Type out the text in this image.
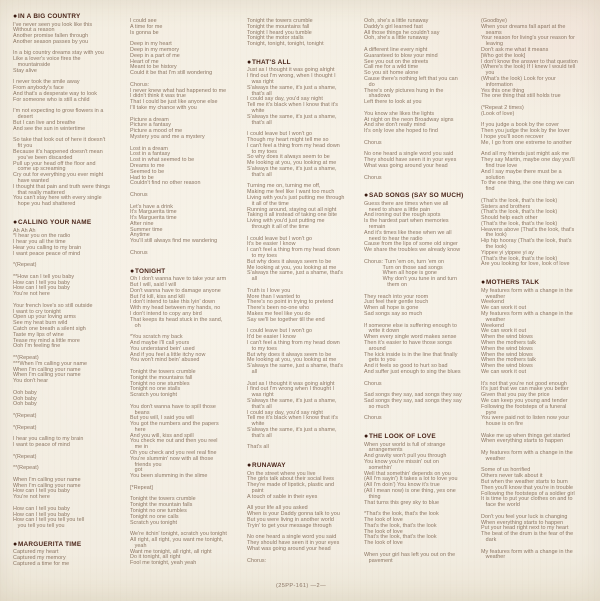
●IN A BIG COUNTRY
I've never seen you look like this
Without a reason
Another promise fallen through
Another season passes by you
In a big country dreams stay with you
Like a lover's voice fires the
mountainside
Stay alive
I never took the smile away
From anybody's face
And that's a desperate way to look
For someone who is still a child
I'm not expecting to grow flowers in a
desert
But I can live and breathe
And see the sun in wintertime
So take that look out of here it doesn't
fit you
Because it's happened doesn't mean
you've been discarded
Pull up your head off the floor and
come up screaming
Cry out for everything you ever might
have wanted
I thought that pain and truth were things
that really mattered
You can't stay here with every single
hope you had shattered
●CALLING YOUR NAME
Ah Ah Ah
*I hear you on the radio
I hear you all the time
Hear you calling to my brain
I want peace peace of mind
*(Repeat)
**How can I tell you baby
How can I tell you baby
How can I tell you baby
You're not here
Your french love's so still outside
I want to cry tonight
Open up your loving arms
See my heat burn wild
Catch one breath a silent sigh
Taste my lips of wine
Tease my mind a little more
Ooh I'm feeling fine
**(Repeat)
***When I'm calling your name
When I'm calling your name
When I'm calling your name
You don't hear
Ooh baby
Ooh baby
Ooh baby
*(Repeat)
*(Repeat)
I hear you calling to my brain
I want to peace of mind
*(Repeat)
**(Repeat)
When I'm calling your name
When I'm calling your name
How can I tell you baby
You're not here
How can I tell you baby
How can I tell you baby
How can I tell you tell you tell
you tell you tell you
●MARGUERITA TIME
Captured my heart
Captured my memory
Captured a time for me
I could see
A time for me
Is gonna be
Deep in my heart
Deep in my memory
Deep in a part of me
Heart of me
Meant to be history
Could it be that I'm still wondering
Chorus:
I never knew what had happened to me
I didn't think it was true
That I could be just like anyone else
I'll take my chance with you
Picture a dream
Picture a fantasy
Picture a mood of me
Mystery you and me a mystery
Lost in a dream
Lost in a fantasy
Lost in what seemed to be
Dreams to me
Seemed to be
Had to be
Couldn't find no other reason
Chorus
Let's have a drink
It's Marguerita time
It's Marguerita time
After nine
Summer time
Anytime
You'll still always find me wandering
Chorus
●TONIGHT
Oh I don't wanna have to take your arm
But I will, said I will
Don't wanna have to damage anyone
But I'd kill, kiss and kill
I don't intend to take this lyin' down
With my head between my hands, no
I don't intend to copy any bird
That keeps its head stuck in the sand,
oh
*You scratch my back
And maybe I'll call yours
You understand bein' used
And if you feel a little itchy now
You won't mind bein' abused
Tonight the towers crumble
Tonight the mountains fall
Tonight no one stumbles
Tonight no one stalls
Scratch you tonight
You don't wanna have to spill those
beans
But you will, I said you will
You got the numbers and the papers
here
And you will, kiss and spill
You check me out and then you reel
me in
Oh you check and you reel real fine
You're slummin' now with all those
friends you
got
You been slumming in the slime
[*Repeat]
Tonight the towers crumble
Tonight the mountain falls
Tonight no one tumbles
Tonight no one calls
Scratch you tonight
We're itchin' tonight, scratch you tonight
All right, all right, you want me tonight,
yeah
Want me tonight, all right, all right
Do it tonight, all right
Fool me tonight, yeah yeah
Tonight the towers crumble
Tonight the mountains fall
Tonight I heard you tumble
Tonight the motor stalls
Tonight, tonight, tonight, tonight
●THAT'S ALL
Just as I thought it was going alright
I find out I'm wrong, when I thought I
was right
S'always the same, it's just a shame,
that's all
I could say day, you'd say night
Tell me it's black when I know that it's
white
S'always the same, it's just a shame,
that's all
I could leave but I won't go
Though my heart might tell me so
I can't feel a thing from my head down
to my toes
So why does it always seem to be
Me looking at you, you looking at me
S'always the same, it's just a shame,
that's all
Turning me on, turning me off,
Making me feel like I want too much
Living with you's just putting me through
it all of the time
Running around, staying out all night
Taking it all instead of taking one bite
Living with you'd just putting me
through it all of the time
I could leave but I won't go
It's be easier I know
I can't feel a thing from my head down
to my toes
But why does it always seem to be
Me looking at you, you looking at me
S'always the same, just a shame, that's
all
Truth is I love you
More than I wanted to
There's no point in trying to pretend
There's been no-one who
Makes me feel like you do
Say we'll be together till the end
I could leave but I won't go
It'd be easier I know
I can't feel a thing from my head down
to my toes
But why does it always seem to be
Me looking at you, you looking at me
S'always the same, just a shame, that's
all
Just as I thought it was going alright
I find out I'm wrong when I thought I
was right
S'always the same, it's just a shame,
that's all
I could say day, you'd say night
Tell me it's black when I know that it's
white
S'always the same, it's just a shame,
that's all
That's all
●RUNAWAY
On the street where you live
The girls talk about their social lives
They're made of lipstick, plastic and
paint
A touch of sable in their eyes
All your life all you asked
When is your Daddy gonna talk to you
But you were living in another world
Tryin' to get your message through
No one heard a single word you said
They should have seen it in your eyes
What was going around your head
Chorus:
Ooh, she's a little runaway
Daddy's girl learned fast
All those things he couldn't say
Ooh, she's a little runaway
A different line every night
Guaranteed to blow your mind
See you out on the streets
Call me for a wild time
So you sit home alone
Cause there's nothing left that you can
do
There's only pictures hung in the
shadows
Left there to look at you
You know she likes the lights
At night on the neon Broadway signs
And she don't really mind
It's only love she hoped to find
Chorus
No one heard a single word you said
They should have seen it in your eyes
What was going around your head
Chorus
●SAD SONGS (SAY SO MUCH)
Guess there are times when we all
need to share a little pain
And ironing out the rough spots
Is the hardest part when memories
remain
And it's times like these when we all
need to hear the radio
Cause from the lips of some old singer
We share the troubles we already know
Chorus: Turn 'em on, turn 'em on
Turn on those sad songs
When all hope is gone
Why don't you tune in and turn
them on
They reach into your room
Just feel their gentle touch
When all hope is gone
Sad songs say so much
If someone else is suffering enough to
write it down
When every single word makes sense
Then it's easier to have those songs
around
The kick inside is in the line that finally
gets to you
And it feels so good to hurt so bad
And suffer just enough to sing the blues
Chorus
Sad songs they say, sad songs they say
Sad songs they say, sad songs they say
so much
Chorus
●THE LOOK OF LOVE
When your world is full of strange
arrangements
And gravity won't pull you through
You know you're missin' out on
somethin'
Well that somethin' depends on you
(All I'm sayin') It takes a lot to love you
(All I'm doin') You know it's true
(All I mean now) is one thing, yes one
thing
That turns this grey sky to blue
*That's the look, that's the look
The look of love
That's the look, that's the look
The look of love
That's the look, that's the look
The look of love
When your girl has left you out on the
pavement
(Goodbye)
When your dreams fall apart at the
seams
Your reason for living's your reason for
leaving
Don't ask me what it means
[Who got the look]
I don't know the answer to that question
(Where's the look) If I knew I would tell
you
(What's the look) Look for your
information
Yes this one thing
The one thing that still holds true
(*Repeat 2 times)
(Look of love)
If you judge a book by the cover
Then you judge the look by the lover
I hope you'll soon recover
Me, I go from one extreme to another
And all my friends just might ask me
They say Martin, maybe one day you'll
find true love
And I say maybe there must be a
solution
To the one thing, the one thing we can
find
(That's the look, that's the look)
Sisters and brothers
(That's the look, that's the look)
Should help each other
(That's the look, that's the look)
Heavens above (That's the look, that's
the look)
Hip hip hooray (That's the look, that's
the look)
Yippee yi yippee yi ay
(That's the look, that's the look)
Are you looking for love, look of love
●MOTHERS TALK
My features form with a change in the
weather
Weekend
We can work it out
My features form with a change in the
weather
Weekend
We can work it out
When the wind blows
When the mothers talk
When the wind blows
When the wind blows
When the mothers talk
When the wind blows
We can work it out
It's not that you're not good enough
It's just that we can make you better
Given that you pay the price
We can keep you young and tender
Following the footsteps of a funeral
pyre
You were paid not to listen now your
house is on fire
Wake me up when things get started
When everything starts to happen
My features form with a change in the
weather
Some of us horrified
Others never talk about it
But when the weather starts to burn
Then you'll know that you're in trouble
Following the footsteps of a soldier girl
It is time to put your clothes on and to
face the world
Don't you feel your luck is changing
When everything starts to happen
Put your head right next to my heart
The beat of the drum is the fear of the
dark
My features form with a change in the
weather
(25PP-161) —2—
